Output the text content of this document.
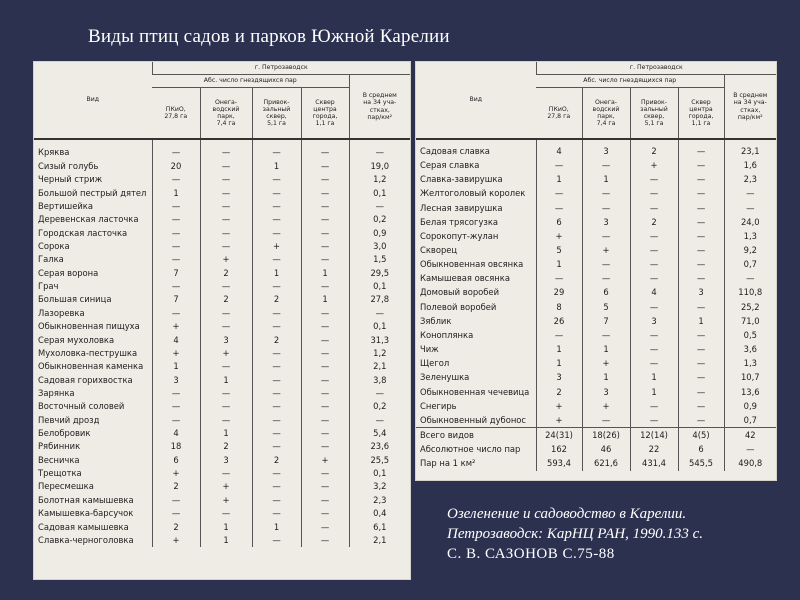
Виды птиц садов и парков Южной Карелии
Вид	г. Петрозаводск				
	Абс. число гнездящихся пар				В среднем
на 34 уча-
стках,
пар/км²
	ПКиО,
27,8 га	Онега-
водский
парк,
7,4 га	Привок-
зальный
сквер,
5,1 га	Сквер
центра
города,
1,1 га	
Кряква	—	—	—	—	—
Сизый голубь	20	—	1	—	19,0
Черный стриж	—	—	—	—	1,2
Большой пестрый дятел	1	—	—	—	0,1
Вертишейка	—	—	—	—	—
Деревенская ласточка	—	—	—	—	0,2
Городская ласточка	—	—	—	—	0,9
Сорока	—	—	+	—	3,0
Галка	—	+	—	—	1,5
Серая ворона	7	2	1	1	29,5
Грач	—	—	—	—	0,1
Большая синица	7	2	2	1	27,8
Лазоревка	—	—	—	—	—
Обыкновенная пищуха	+	—	—	—	0,1
Серая мухоловка	4	3	2	—	31,3
Мухоловка-пеструшка	+	+	—	—	1,2
Обыкновенная каменка	1	—	—	—	2,1
Садовая горихвостка	3	1	—	—	3,8
Зарянка	—	—	—	—	—
Восточный соловей	—	—	—	—	0,2
Певчий дрозд	—	—	—	—	—
Белобровик	4	1	—	—	5,4
Рябинник	18	2	—	—	23,6
Весничка	6	3	2	+	25,5
Трещотка	+	—	—	—	0,1
Пересмешка	2	+	—	—	3,2
Болотная камышевка	—	+	—	—	2,3
Камышевка-барсучок	—	—	—	—	0,4
Садовая камышевка	2	1	1	—	6,1
Славка-черноголовка	+	1	—	—	2,1
Вид	г. Петрозаводск				
	Абс. число гнездящихся пар				В среднем
на 34 уча-
стках,
пар/км²
	ПКиО,
27,8 га	Онега-
водский
парк,
7,4 га	Привок-
зальный
сквер,
5,1 га	Сквер
центра
города,
1,1 га	
Садовая славка	4	3	2	—	23,1
Серая славка	—	—	+	—	1,6
Славка-завирушка	1	1	—	—	2,3
Желтоголовый королек	—	—	—	—	—
Лесная завирушка	—	—	—	—	—
Белая трясогузка	6	3	2	—	24,0
Сорокопут-жулан	+	—	—	—	1,3
Скворец	5	+	—	—	9,2
Обыкновенная овсянка	1	—	—	—	0,7
Камышевая овсянка	—	—	—	—	—
Домовый воробей	29	6	4	3	110,8
Полевой воробей	8	5	—	—	25,2
Зяблик	26	7	3	1	71,0
Коноплянка	—	—	—	—	0,5
Чиж	1	1	—	—	3,6
Щегол	1	+	—	—	1,3
Зеленушка	3	1	1	—	10,7
Обыкновенная чечевица	2	3	1	—	13,6
Снегирь	+	+	—	—	0,9
Обыкновенный дубонос	+	—	—	—	0,7
Всего видов	24(31)	18(26)	12(14)	4(5)	42
Абсолютное число пар	162	46	22	6	—
Пар на 1 км²	593,4	621,6	431,4	545,5	490,8
Озеленение и садоводство в Карелии.
Петрозаводск: КарНЦ РАН, 1990.133 с.
С. В. САЗОНОВ С.75-88
